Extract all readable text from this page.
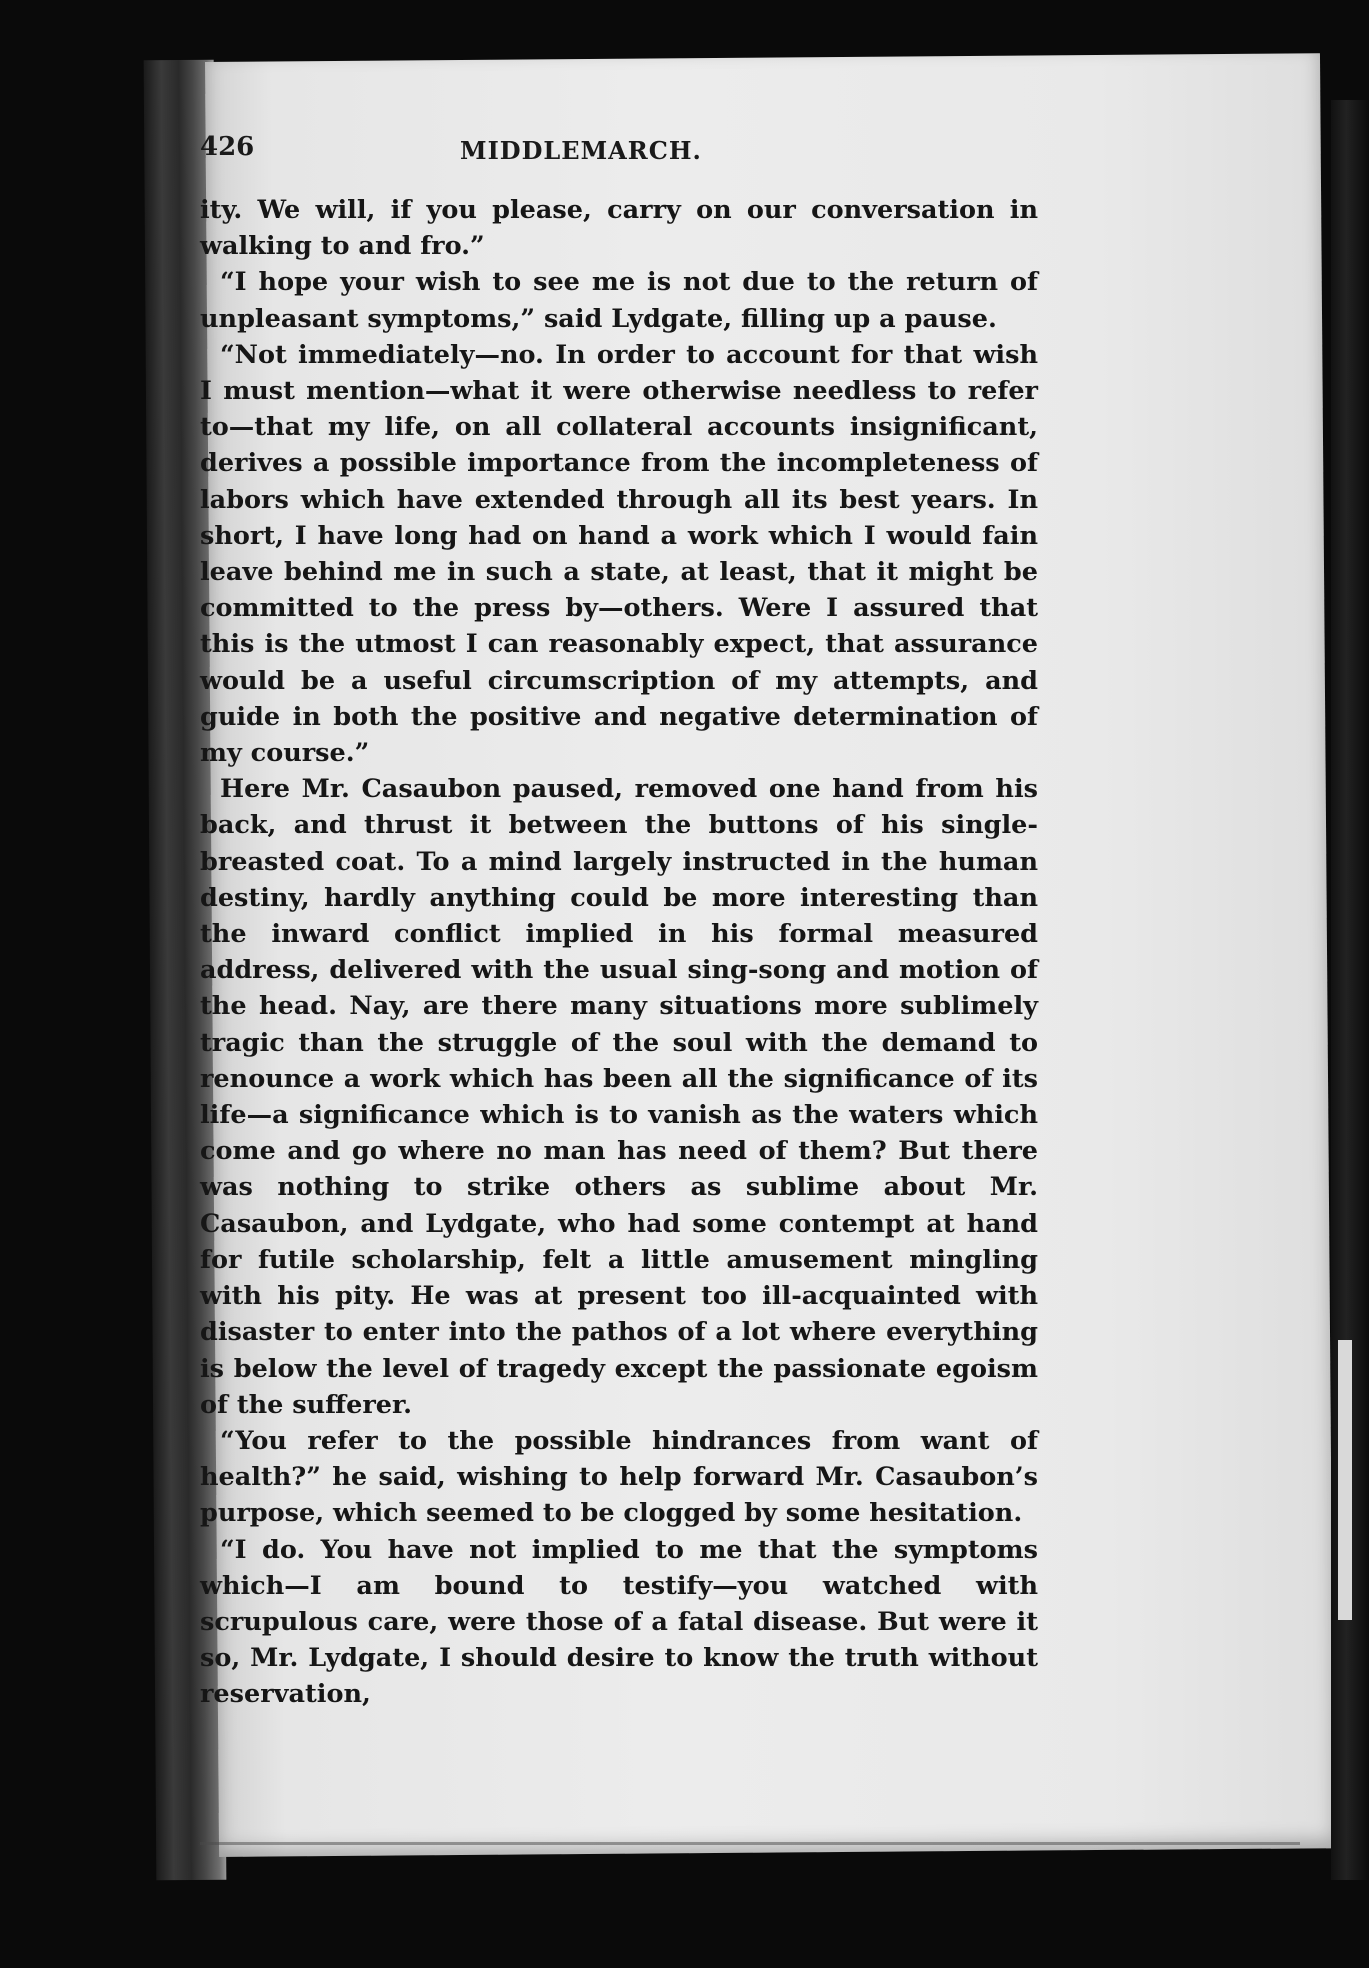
426	MIDDLEMARCH.

ity. We will, if you please, carry on our conversation in walking to and fro.”

“I hope your wish to see me is not due to the return of unpleasant symptoms,” said Lydgate, filling up a pause.

“Not immediately—no. In order to account for that wish I must mention—what it were otherwise needless to refer to—that my life, on all collateral accounts insignificant, derives a possible importance from the incompleteness of labors which have extended through all its best years. In short, I have long had on hand a work which I would fain leave behind me in such a state, at least, that it might be committed to the press by—others. Were I assured that this is the utmost I can reasonably expect, that assurance would be a useful circumscription of my attempts, and guide in both the positive and negative determination of my course.”

Here Mr. Casaubon paused, removed one hand from his back, and thrust it between the buttons of his single-breasted coat. To a mind largely instructed in the human destiny, hardly anything could be more interesting than the inward conflict implied in his formal measured address, delivered with the usual sing-song and motion of the head. Nay, are there many situations more sublimely tragic than the struggle of the soul with the demand to renounce a work which has been all the significance of its life—a significance which is to vanish as the waters which come and go where no man has need of them? But there was nothing to strike others as sublime about Mr. Casaubon, and Lydgate, who had some contempt at hand for futile scholarship, felt a little amusement mingling with his pity. He was at present too ill-acquainted with disaster to enter into the pathos of a lot where everything is below the level of tragedy except the passionate egoism of the sufferer.

“You refer to the possible hindrances from want of health?” he said, wishing to help forward Mr. Casaubon’s purpose, which seemed to be clogged by some hesitation.

“I do. You have not implied to me that the symptoms which—I am bound to testify—you watched with scrupulous care, were those of a fatal disease. But were it so, Mr. Lydgate, I should desire to know the truth without reservation,
